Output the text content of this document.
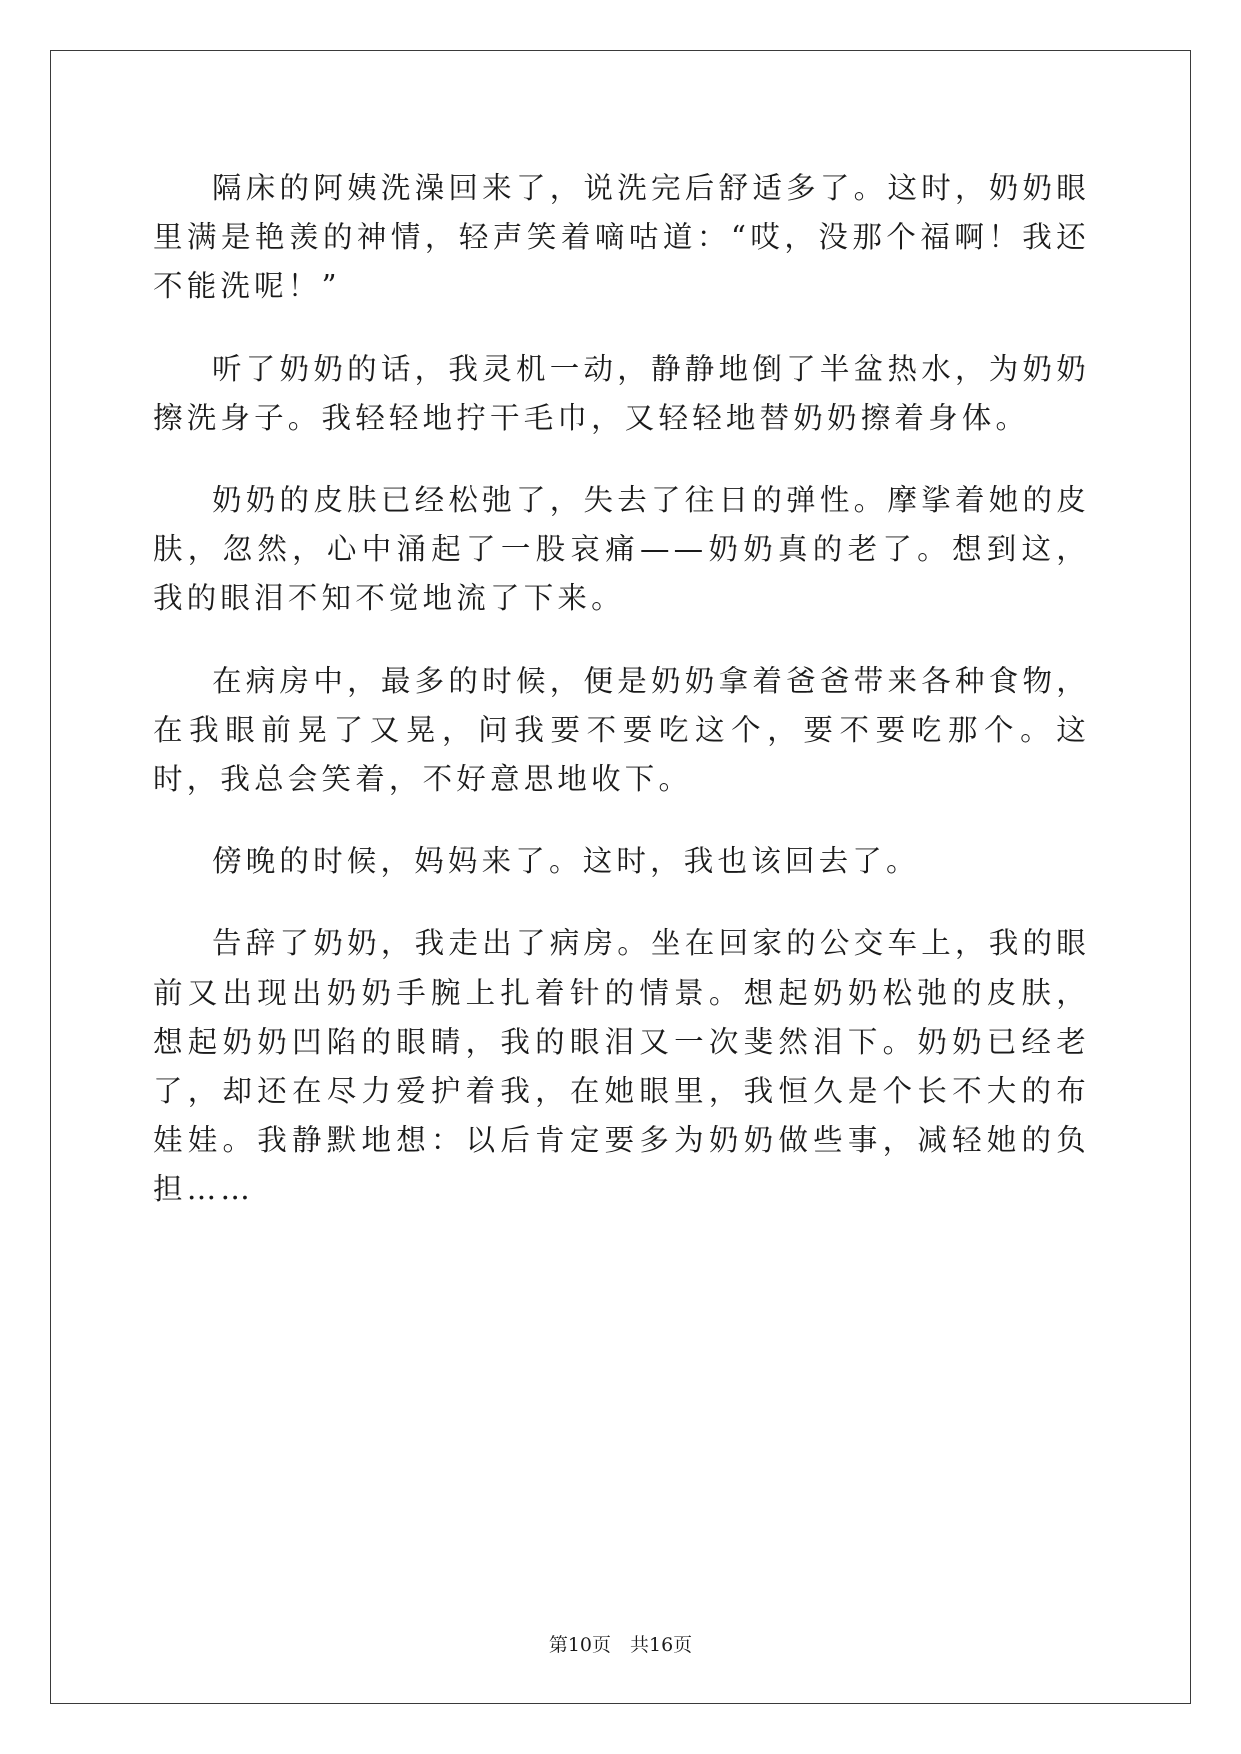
隔床的阿姨洗澡回来了，说洗完后舒适多了。这时，奶奶眼里满是艳羡的神情，轻声笑着嘀咕道：“哎，没那个福啊！我还不能洗呢！”

听了奶奶的话，我灵机一动，静静地倒了半盆热水，为奶奶擦洗身子。我轻轻地拧干毛巾，又轻轻地替奶奶擦着身体。

奶奶的皮肤已经松弛了，失去了往日的弹性。摩挲着她的皮肤，忽然，心中涌起了一股哀痛——奶奶真的老了。想到这，我的眼泪不知不觉地流了下来。

在病房中，最多的时候，便是奶奶拿着爸爸带来各种食物，在我眼前晃了又晃，问我要不要吃这个，要不要吃那个。这时，我总会笑着，不好意思地收下。

傍晚的时候，妈妈来了。这时，我也该回去了。

告辞了奶奶，我走出了病房。坐在回家的公交车上，我的眼前又出现出奶奶手腕上扎着针的情景。想起奶奶松弛的皮肤，想起奶奶凹陷的眼睛，我的眼泪又一次斐然泪下。奶奶已经老了，却还在尽力爱护着我，在她眼里，我恒久是个长不大的布娃娃。我静默地想：以后肯定要多为奶奶做些事，减轻她的负担……

第10页　共16页
